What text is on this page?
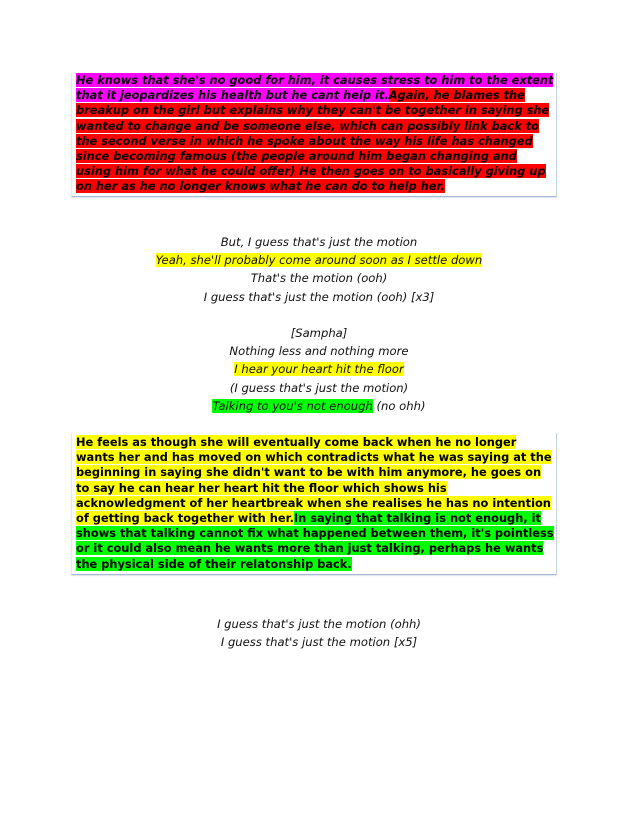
He knows that she's no good for him, it causes stress to him to the extent that it jeopardizes his health but he cant help it.Again, he blames the breakup on the girl but explains why they can't be together in saying she wanted to change and be someone else, which can possibly link back to the second verse in which he spoke about the way his life has changed since becoming famous (the people around him began changing and using him for what he could offer) He then goes on to basically giving up on her as he no longer knows what he can do to help her.

But, I guess that's just the motion
Yeah, she'll probably come around soon as I settle down
That's the motion (ooh)
I guess that's just the motion (ooh) [x3]
[Sampha]
Nothing less and nothing more
I hear your heart hit the floor
(I guess that's just the motion)
Talking to you's not enough (no ohh)

He feels as though she will eventually come back when he no longer wants her and has moved on which contradicts what he was saying at the beginning in saying she didn't want to be with him anymore, he goes on to say he can hear her heart hit the floor which shows his acknowledgment of her heartbreak when she realises he has no intention of getting back together with her.In saying that talking is not enough, it shows that talking cannot fix what happened between them, it's pointless or it could also mean he wants more than just talking, perhaps he wants the physical side of their relatonship back.

I guess that's just the motion (ohh)
I guess that's just the motion [x5]
